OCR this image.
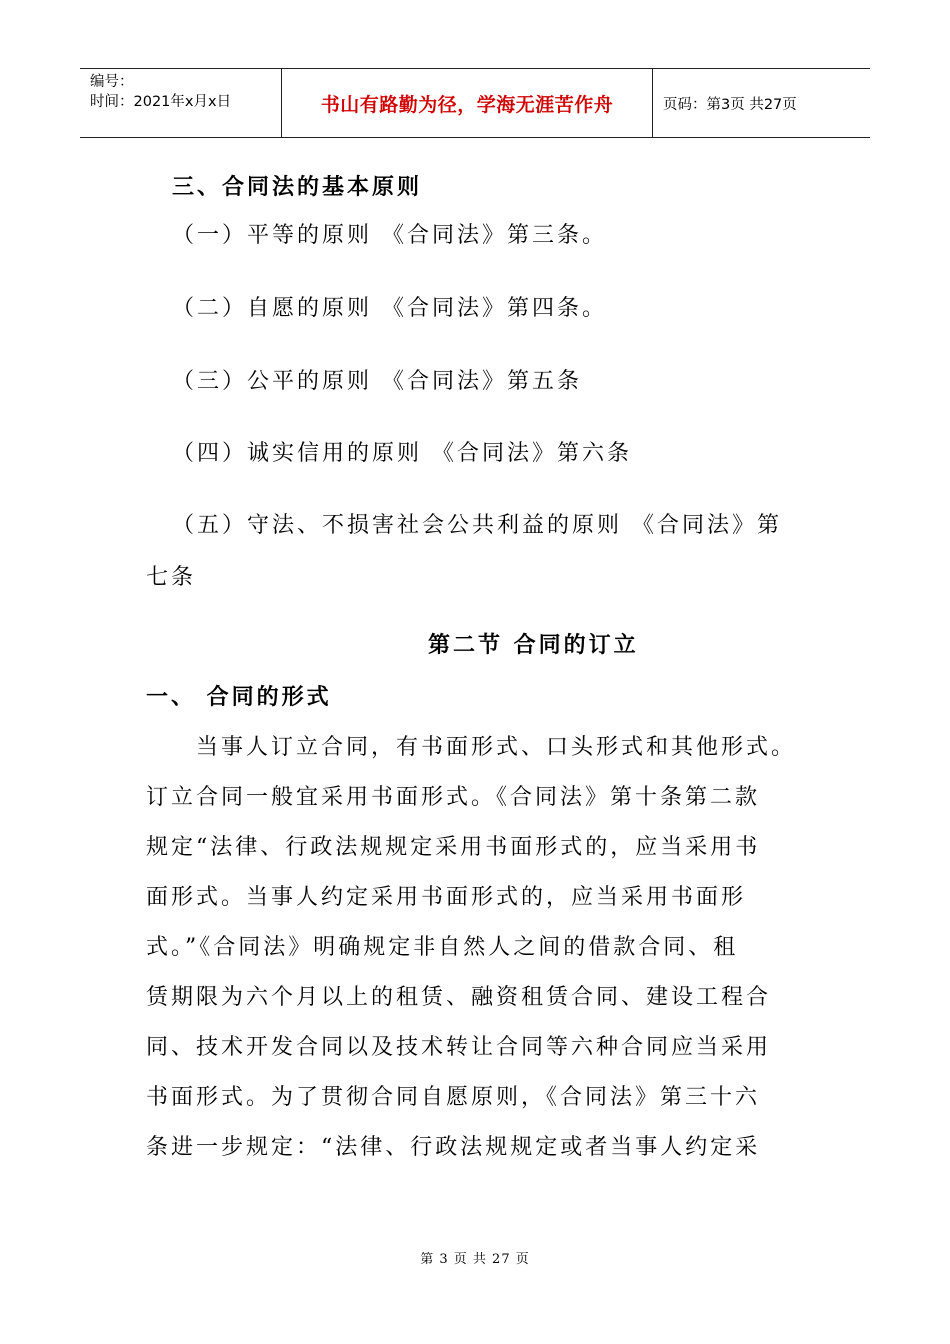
编号：
时间：2021年x月x日	书山有路勤为径，学海无涯苦作舟	页码：第3页 共27页
三、合同法的基本原则
（一）平等的原则 《合同法》第三条。
（二）自愿的原则 《合同法》第四条。
（三）公平的原则 《合同法》第五条
（四）诚实信用的原则 《合同法》第六条
（五）守法、不损害社会公共利益的原则 《合同法》第
七条
第二节 合同的订立
一、 合同的形式
当事人订立合同，有书面形式、口头形式和其他形式。
订立合同一般宜采用书面形式。《合同法》第十条第二款
规定“法律、行政法规规定采用书面形式的，应当采用书
面形式。当事人约定采用书面形式的，应当采用书面形
式。”《合同法》明确规定非自然人之间的借款合同、租
赁期限为六个月以上的租赁、融资租赁合同、建设工程合
同、技术开发合同以及技术转让合同等六种合同应当采用
书面形式。为了贯彻合同自愿原则，《合同法》第三十六
条进一步规定：“法律、行政法规规定或者当事人约定采
第 3 页 共 27 页
